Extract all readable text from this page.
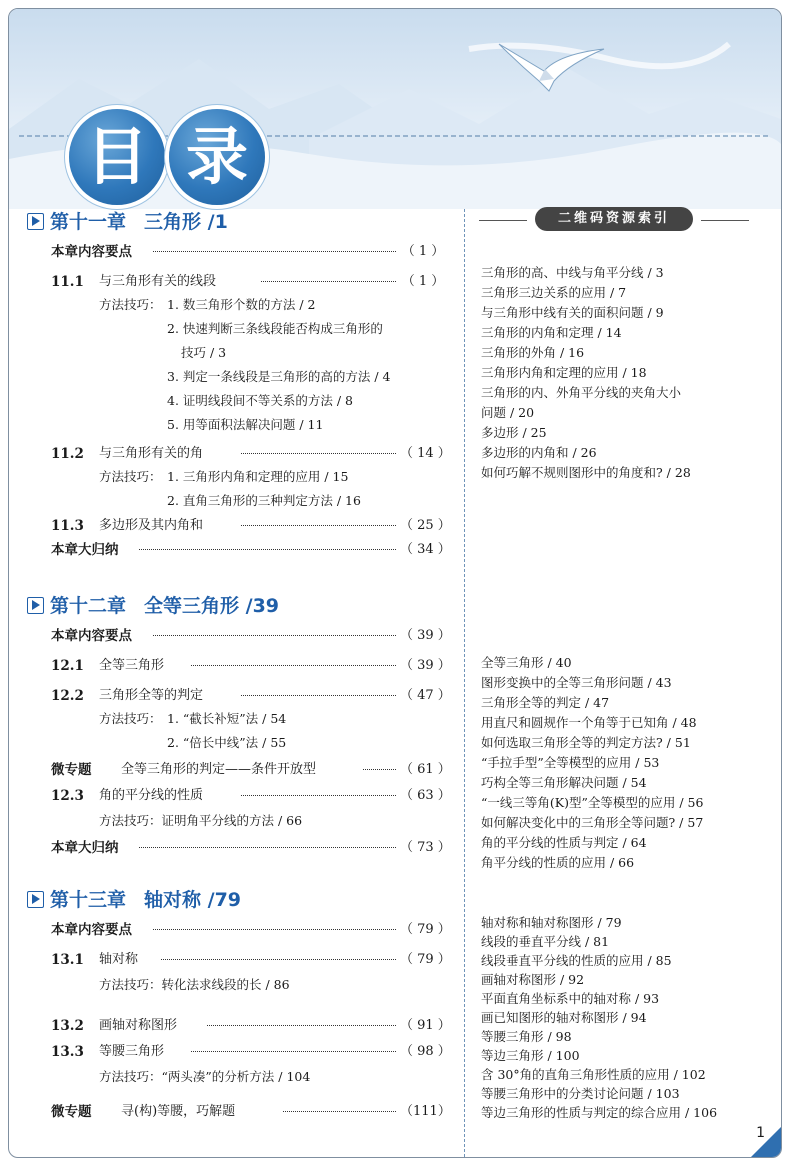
目 录
第十一章 三角形 /1
本章内容要点	（ 1 ）
11.1 与三角形有关的线段	（ 1 ）
方法技巧： 1. 数三角形个数的方法 / 2
2. 快速判断三条线段能否构成三角形的
技巧 / 3
3. 判定一条线段是三角形的高的方法 / 4
4. 证明线段间不等关系的方法 / 8
5. 用等面积法解决问题 / 11
11.2 与三角形有关的角	（ 14 ）
方法技巧： 1. 三角形内角和定理的应用 / 15
2. 直角三角形的三种判定方法 / 16
11.3 多边形及其内角和	（ 25 ）
本章大归纳	（ 34 ）
第十二章 全等三角形 /39
本章内容要点	（ 39 ）
12.1 全等三角形	（ 39 ）
12.2 三角形全等的判定	（ 47 ）
方法技巧： 1. “截长补短”法 / 54
2. “倍长中线”法 / 55
微专题 全等三角形的判定——条件开放型	（ 61 ）
12.3 角的平分线的性质	（ 63 ）
方法技巧：证明角平分线的方法 / 66
本章大归纳	（ 73 ）
第十三章 轴对称 /79
本章内容要点	（ 79 ）
13.1 轴对称	（ 79 ）
方法技巧：转化法求线段的长 / 86
13.2 画轴对称图形	（ 91 ）
13.3 等腰三角形	（ 98 ）
方法技巧：“两头凑”的分析方法 / 104
微专题 寻(构)等腰，巧解题	（111）
二维码资源索引
三角形的高、中线与角平分线 / 3
三角形三边关系的应用 / 7
与三角形中线有关的面积问题 / 9
三角形的内角和定理 / 14
三角形的外角 / 16
三角形内角和定理的应用 / 18
三角形的内、外角平分线的夹角大小
问题 / 20
多边形 / 25
多边形的内角和 / 26
如何巧解不规则图形中的角度和? / 28
全等三角形 / 40
图形变换中的全等三角形问题 / 43
三角形全等的判定 / 47
用直尺和圆规作一个角等于已知角 / 48
如何选取三角形全等的判定方法? / 51
“手拉手型”全等模型的应用 / 53
巧构全等三角形解决问题 / 54
“一线三等角(K)型”全等模型的应用 / 56
如何解决变化中的三角形全等问题? / 57
角的平分线的性质与判定 / 64
角平分线的性质的应用 / 66
轴对称和轴对称图形 / 79
线段的垂直平分线 / 81
线段垂直平分线的性质的应用 / 85
画轴对称图形 / 92
平面直角坐标系中的轴对称 / 93
画已知图形的轴对称图形 / 94
等腰三角形 / 98
等边三角形 / 100
含 30°角的直角三角形性质的应用 / 102
等腰三角形中的分类讨论问题 / 103
等边三角形的性质与判定的综合应用 / 106
1
